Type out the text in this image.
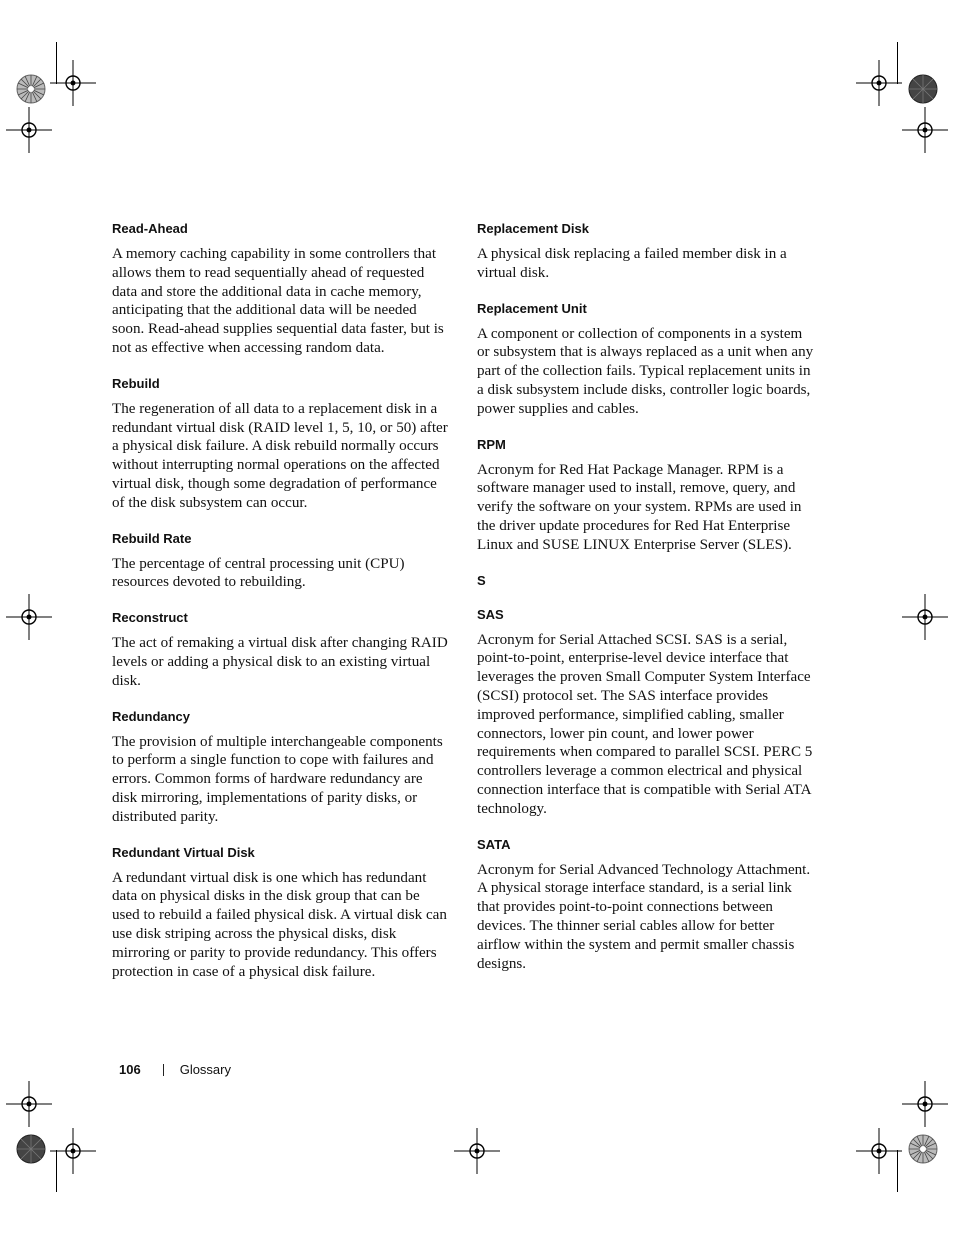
Read-Ahead
A memory caching capability in some controllers that allows them to read sequentially ahead of requested data and store the additional data in cache memory, anticipating that the additional data will be needed soon. Read-ahead supplies sequential data faster, but is not as effective when accessing random data.
Rebuild
The regeneration of all data to a replacement disk in a redundant virtual disk (RAID level 1, 5, 10, or 50) after a physical disk failure. A disk rebuild normally occurs without interrupting normal operations on the affected virtual disk, though some degradation of performance of the disk subsystem can occur.
Rebuild Rate
The percentage of central processing unit (CPU) resources devoted to rebuilding.
Reconstruct
The act of remaking a virtual disk after changing RAID levels or adding a physical disk to an existing virtual disk.
Redundancy
The provision of multiple interchangeable components to perform a single function to cope with failures and errors. Common forms of hardware redundancy are disk mirroring, implementations of parity disks, or distributed parity.
Redundant Virtual Disk
A redundant virtual disk is one which has redundant data on physical disks in the disk group that can be used to rebuild a failed physical disk. A virtual disk can use disk striping across the physical disks, disk mirroring or parity to provide redundancy. This offers protection in case of a physical disk failure.
Replacement Disk
A physical disk replacing a failed member disk in a virtual disk.
Replacement Unit
A component or collection of components in a system or subsystem that is always replaced as a unit when any part of the collection fails. Typical replacement units in a disk subsystem include disks, controller logic boards, power supplies and cables.
RPM
Acronym for Red Hat Package Manager. RPM is a software manager used to install, remove, query, and verify the software on your system. RPMs are used in the driver update procedures for Red Hat Enterprise Linux and SUSE LINUX Enterprise Server (SLES).
S
SAS
Acronym for Serial Attached SCSI. SAS is a serial, point-to-point, enterprise-level device interface that leverages the proven Small Computer System Interface (SCSI) protocol set. The SAS interface provides improved performance, simplified cabling, smaller connectors, lower pin count, and lower power requirements when compared to parallel SCSI. PERC 5 controllers leverage a common electrical and physical connection interface that is compatible with Serial ATA technology.
SATA
Acronym for Serial Advanced Technology Attachment. A physical storage interface standard, is a serial link that provides point-to-point connections between devices. The thinner serial cables allow for better airflow within the system and permit smaller chassis designs.
106	Glossary
